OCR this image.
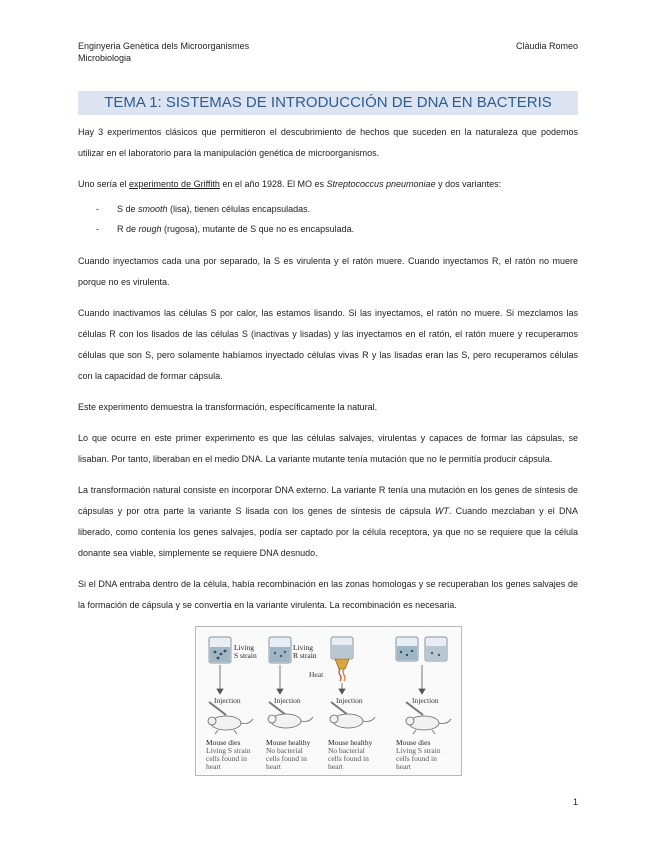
Enginyeria Genètica dels Microorganismes
Microbiologia
Clàudia Romeo
TEMA 1: SISTEMAS DE INTRODUCCIÓN DE DNA EN BACTERIS

Hay 3 experimentos clásicos que permitieron el descubrimiento de hechos que suceden en la naturaleza que podemos utilizar en el laboratorio para la manipulación genética de microorganismos.

Uno sería el experimento de Griffith en el año 1928. El MO es Streptococcus pneumoniae y dos variantes:

- S de smooth (lisa), tienen células encapsuladas.
- R de rough (rugosa), mutante de S que no es encapsulada.

Cuando inyectamos cada una por separado, la S es virulenta y el ratón muere. Cuando inyectamos R, el ratón no muere porque no es virulenta.

Cuando inactivamos las células S por calor, las estamos lisando. Si las inyectamos, el ratón no muere. Si mezclamos las células R con los lisados de las células S (inactivas y lisadas) y las inyectamos en el ratón, el ratón muere y recuperamos células que son S, pero solamente habíamos inyectado células vivas R y las lisadas eran las S, pero recuperamos células con la capacidad de formar cápsula.

Este experimento demuestra la transformación, específicamente la natural.

Lo que ocurre en este primer experimento es que las células salvajes, virulentas y capaces de formar las cápsulas, se lisaban. Por tanto, liberaban en el medio DNA. La variante mutante tenía mutación que no le permitía producir cápsula.

La transformación natural consiste en incorporar DNA externo. La variante R tenía una mutación en los genes de síntesis de cápsulas y por otra parte la variante S lisada con los genes de síntesis de cápsula WT. Cuando mezclaban y el DNA liberado, como contenía los genes salvajes, podía ser captado por la célula receptora, ya que no se requiere que la célula donante sea viable, simplemente se requiere DNA desnudo.

Si el DNA entraba dentro de la célula, había recombinación en las zonas homologas y se recuperaban los genes salvajes de la formación de cápsula y se convertía en la variante virulenta. La recombinación es necesaria.

Living
S strain
Living
R strain
Heat
Injection	Injection	Injection	Injection
Mouse dies
Living S strain
cells found in
heart
Mouse healthy
No bacterial
cells found in
heart
Mouse healthy
No bacterial
cells found in
heart
Mouse dies
Living S strain
cells found in
heart
1
